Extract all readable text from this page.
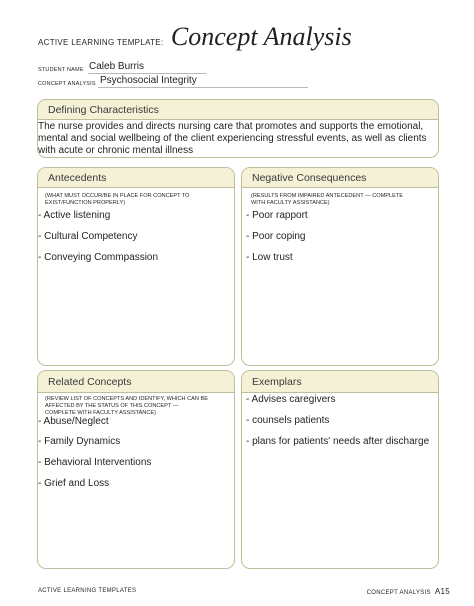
ACTIVE LEARNING TEMPLATE: Concept Analysis
STUDENT NAME Caleb Burris
CONCEPT ANALYSIS Psychosocial Integrity
Defining Characteristics
The nurse provides and directs nursing care that promotes and supports the emotional, mental and social wellbeing of the client experiencing stressful events, as well as clients with acute or chronic mental illness
Antecedents
(WHAT MUST OCCUR/BE IN PLACE FOR CONCEPT TO EXIST/FUNCTION PROPERLY)
- Active listening
- Cultural Competency
- Conveying Commpassion
Negative Consequences
(RESULTS FROM IMPAIRED ANTECEDENT — COMPLETE WITH FACULTY ASSISTANCE)
- Poor rapport
- Poor coping
- Low trust
Related Concepts
(REVIEW LIST OF CONCEPTS AND IDENTIFY, WHICH CAN BE AFFECTED BY THE STATUS OF THIS CONCEPT — COMPLETE WITH FACULTY ASSISTANCE)
- Abuse/Neglect
- Family Dynamics
- Behavioral Interventions
- Grief and Loss
Exemplars
- Advises caregivers
- counsels patients
- plans for patients' needs after discharge
ACTIVE LEARNING TEMPLATES	CONCEPT ANALYSIS A15
